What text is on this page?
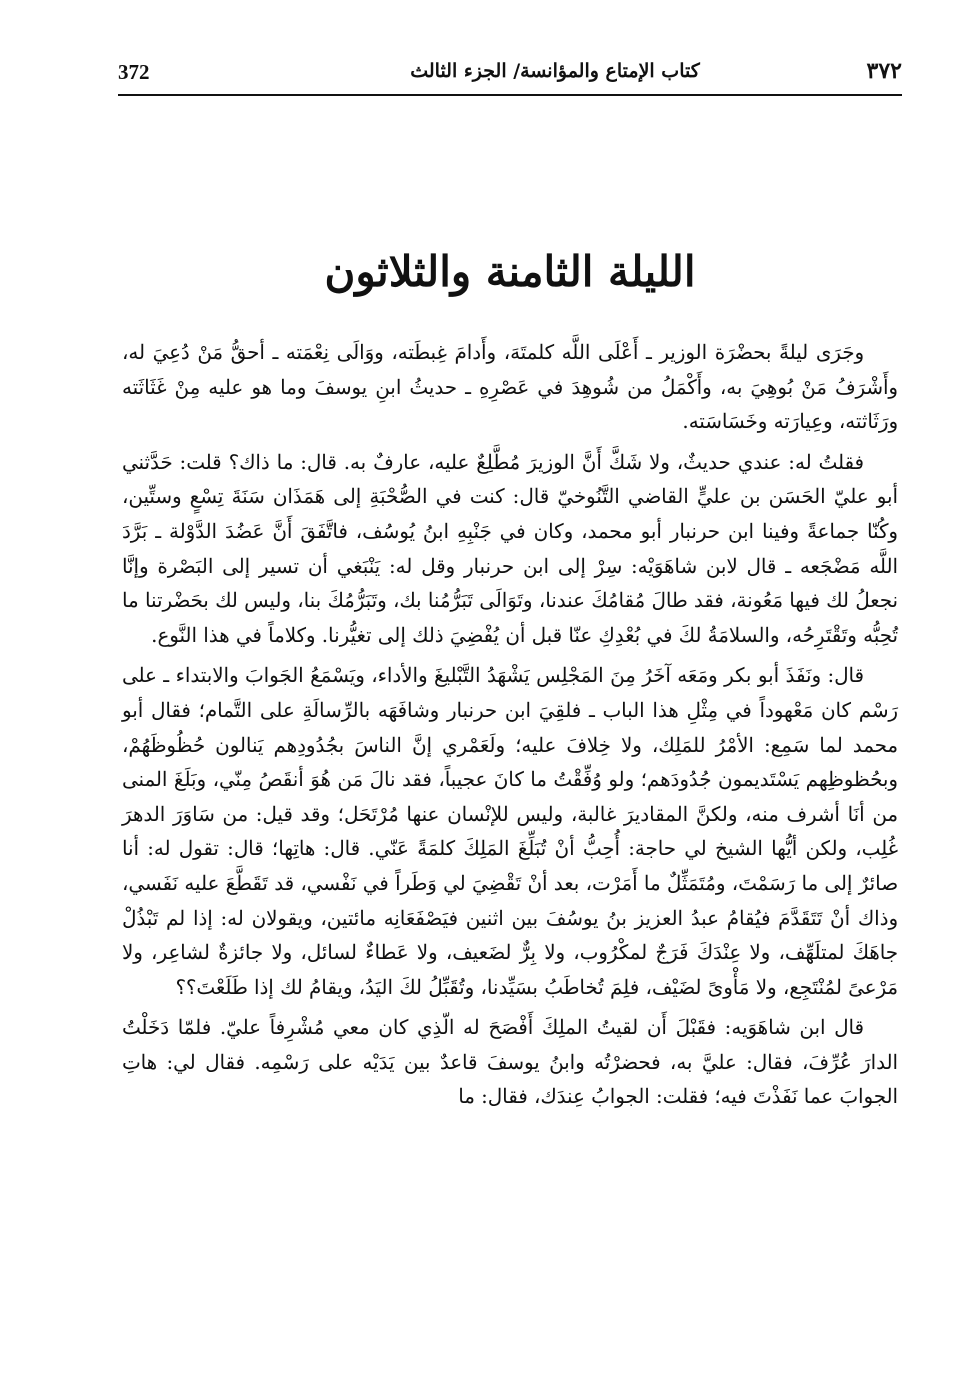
372	كتاب الإمتاع والمؤانسة/ الجزء الثالث	٣٧٢
الليلة الثامنة والثلاثون

وجَرَى ليلةً بحضْرَة الوزير ـ أَعْلَى اللَّه كلمتَهَ، وأَدامَ غِبطَته، ووَالَى نِعْمَته ـ أحقُّ مَنْ دُعِيَ له، وأَشْرَفُ مَنْ بُوهِيَ به، وأَكْمَلُ من شُوهِدَ في عَصْرِهِ ـ حديثُ ابنِ يوسفَ وما هو عليه مِنْ غَثَاثَته ورَثَاثته، وعِيارَته وخَسَاسَته.

فقلتُ له: عندي حديثٌ، ولا شَكَّ أَنَّ الوزيرَ مُطَّلِعٌ عليه، عارفٌ به. قال: ما ذاك؟ قلت: حَدَّثني أبو عليّ الحَسَن بن عليٍّ القاضي التَّنُوخيّ قال: كنت في الصُّحْبَةِ إلى هَمَذَان سَنَةَ تِسْعٍ وستِّين، وكُنّا جماعةً وفينا ابن حرنبار أبو محمد، وكان في جَنْبِهِ ابنُ يُوسُف، فاتَّفَقَ أَنَّ عَضُدَ الدَّوْلة ـ بَرَّدَ اللَّه مَضْجَعه ـ قال لابن شاهَوَيْه: سِرْ إلى ابن حرنبار وقل له: يَنْبَغي أن تسير إلى البَصْرة وإنَّا نجعلُ لك فيها مَعُونة، فقد طالَ مُقامُكَ عندنا، وتَوَالَى تَبَرُّمُنا بك، وتَبَرُّمُكَ بنا، وليس لك بحَضْرتنا ما تُحِبُّه وتَقْتَرِحُه، والسلامَةُ لكَ في بُعْدِكِ عنّا قبل أن يُفْضِيَ ذلك إلى تغيُّرنا. وكلاماً في هذا النَّوع.

قال: ونَفَذَ أبو بكر ومَعَه آخَرُ مِنَ المَجْلِس يَشْهَدُ التَّبْليغَ والأداء، ويَسْمَعُ الجَوابَ والابتداء ـ على رَسْم كان مَعْهوداً في مِثْلِ هذا الباب ـ فلقِيَ ابن حرنبار وشافَهَه بالرِّسالَةِ على التَّمام؛ فقال أبو محمد لما سَمِع: الأمْرُ للمَلِك، ولا خِلافَ عليه؛ ولَعَمْري إنَّ الناسَ بجُدُودِهم يَنالون حُظُوظَهُمْ، وبحُظوظِهم يَسْتَديمون جُدُودَهم؛ ولو وُفِّقْتُ ما كانَ عجيباً، فقد نالَ مَن هُوَ أنقَصُ مِنّي، وبَلَغَ المنى من أنَا أشرف منه، ولكنَّ المقاديرَ غالبة، وليس للإنْسان عنها مُرْتَحَل؛ وقد قيل: من سَاوَرَ الدهرَ غُلِب، ولكن أيُّها الشيخ لي حاجة: أُحِبُّ أنْ تُبَلِّغَ المَلِكَ كلمَةً عَنّي. قال: هاتِها؛ قال: تقول له: أنا صائرٌ إلى ما رَسَمْتَ، ومُتَمَثِّلٌ ما أَمَرْت، بعد أنْ تَقْضِيَ لي وَطَراً في نَفْسي، قد تَقَطَّعَ عليه نَفَسي، وذاك أنْ تَتَقَدَّمَ فيُقامُ عبدُ العزيز بنُ يوسُفَ بين اثنين فيَصْفَعَانِه مائتين، ويقولان له: إذا لم تَبْذُلْ جاهَكَ لمتلَهِّف، ولا عِنْدَكَ فَرَجٌ لمكْرُوب، ولا بِرٌّ لضَعيف، ولا عَطاءٌ لسائل، ولا جائزةٌ لشاعِر، ولا مَرْعىً لمُنْتَجِع، ولا مَأْوىً لضَيْف، فلِمَ تُخاطَبُ بسَيِّدنا، وتُقَبِّلُ لكَ اليَدُ، ويقامُ لك إذا طَلَعْتَ؟؟

قال ابن شاهَوَيه: فقَبْلَ أَن لقيتُ الملِكَ أَفْصَحَ له الّذِي كان معي مُشْرِفاً عليّ. فلمّا دَخَلْتُ الدارَ عُرِّفَ، فقال: عليَّ به، فحضرْتُه وابنُ يوسفَ قاعدٌ بين يَدَيْه على رَسْمِه. فقال لي: هاتِ الجوابَ عما نَفَذْتَ فيه؛ فقلت: الجوابُ عِندَك، فقال: ما
